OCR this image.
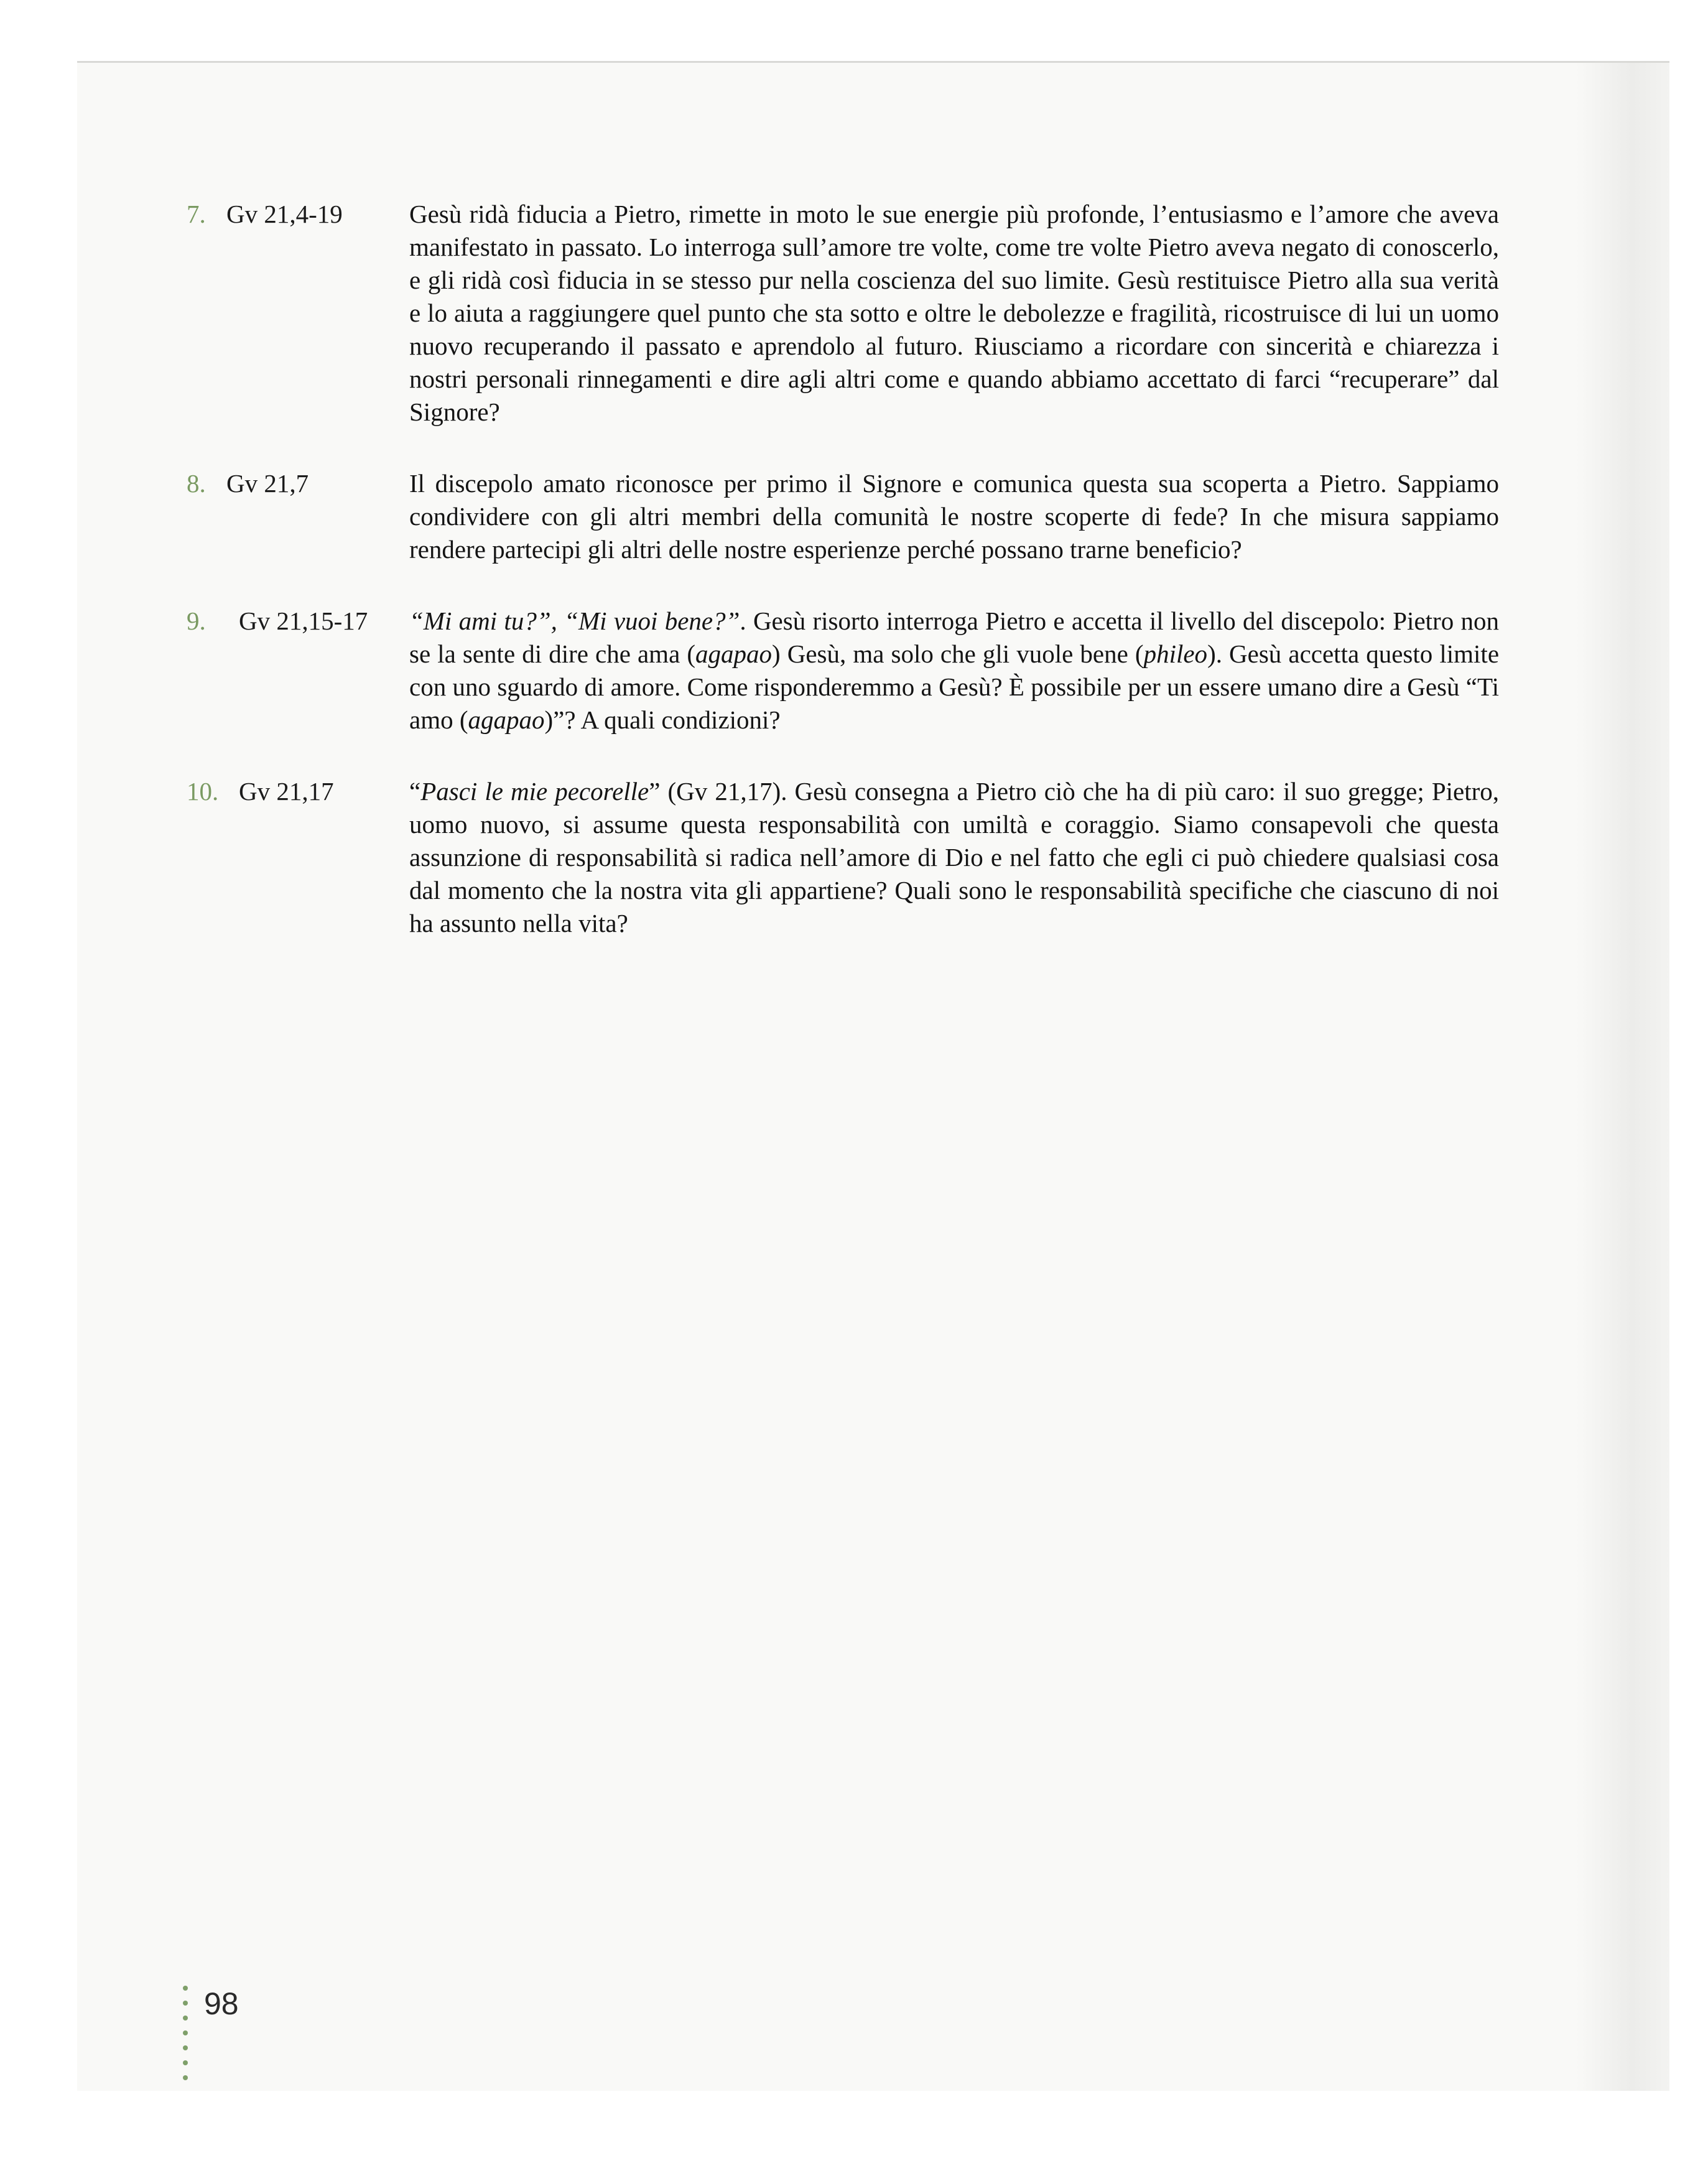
7. Gv 21,4-19	Gesù ridà fiducia a Pietro, rimette in moto le sue energie più profonde, l’entusiasmo e l’amore che aveva manifestato in passato. Lo interroga sull’amore tre volte, come tre volte Pietro aveva negato di conoscerlo, e gli ridà così fiducia in se stesso pur nella coscienza del suo limite. Gesù restituisce Pietro alla sua verità e lo aiuta a raggiungere quel punto che sta sotto e oltre le debolezze e fragilità, ricostruisce di lui un uomo nuovo recuperando il passato e aprendolo al futuro. Riusciamo a ricordare con sincerità e chiarezza i nostri personali rinnegamenti e dire agli altri come e quando abbiamo accettato di farci “recuperare” dal Signore?

8. Gv 21,7	Il discepolo amato riconosce per primo il Signore e comunica questa sua scoperta a Pietro. Sappiamo condividere con gli altri membri della comunità le nostre scoperte di fede? In che misura sappiamo rendere partecipi gli altri delle nostre esperienze perché possano trarne beneficio?

9. Gv 21,15-17 “Mi ami tu?”, “Mi vuoi bene?”. Gesù risorto interroga Pietro e accetta il livello del discepolo: Pietro non se la sente di dire che ama (agapao) Gesù, ma solo che gli vuole bene (phileo). Gesù accetta questo limite con uno sguardo di amore. Come risponderemmo a Gesù? È possibile per un essere umano dire a Gesù “Ti amo (agapao)”? A quali condizioni?

10. Gv 21,17	“Pasci le mie pecorelle” (Gv 21,17). Gesù consegna a Pietro ciò che ha di più caro: il suo gregge; Pietro, uomo nuovo, si assume questa responsabilità con umiltà e coraggio. Siamo consapevoli che questa assunzione di responsabilità si radica nell’amore di Dio e nel fatto che egli ci può chiedere qualsiasi cosa dal momento che la nostra vita gli appartiene? Quali sono le responsabilità specifiche che ciascuno di noi ha assunto nella vita?

98
